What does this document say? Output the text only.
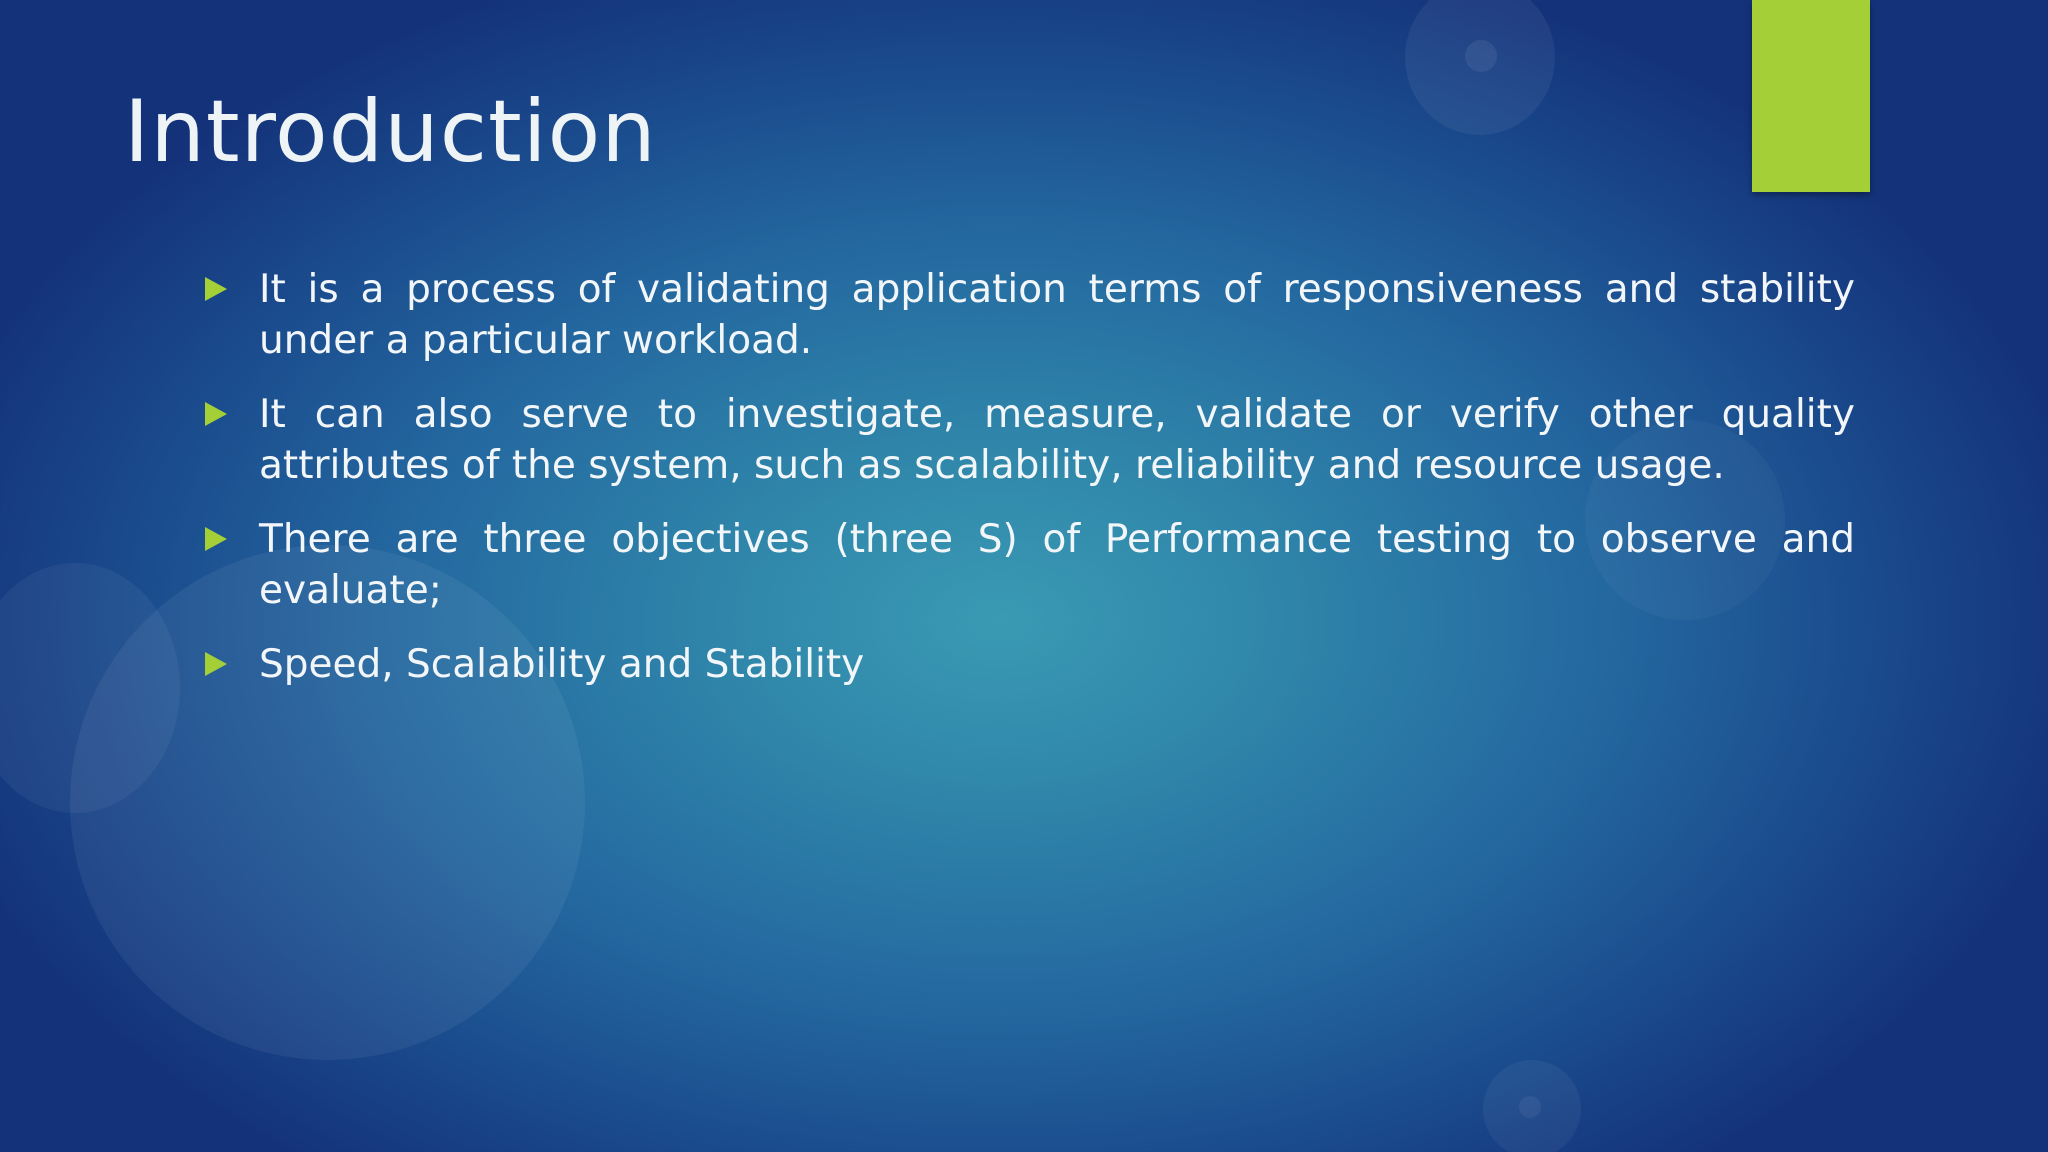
Introduction
It is a process of validating application terms of responsiveness and stability under a particular workload.
It can also serve to investigate, measure, validate or verify other quality attributes of the system, such as scalability, reliability and resource usage.
There are three objectives (three S) of Performance testing to observe and evaluate;
Speed, Scalability and Stability
